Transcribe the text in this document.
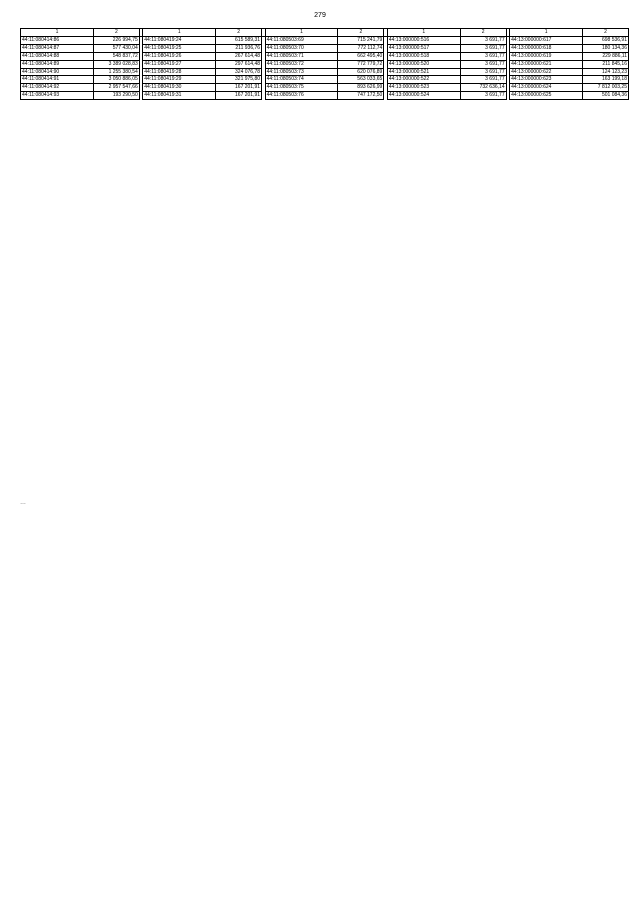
279
1	2		1	2		1	2		1	2		1	2
44:11:080414:86	226 994,75		44:11:080419:24	615 589,31		44:11:080503:69	715 241,79		44:13:000000:516	3 691,77		44:13:000000:617	698 536,91
44:11:080414:87	577 430,04		44:11:080419:25	211 936,76		44:11:080503:70	772 112,74		44:13:000000:517	3 691,77		44:13:000000:618	180 134,36
44:11:080414:88	548 837,72		44:11:080419:26	267 614,48		44:11:080503:71	662 495,40		44:13:000000:518	3 691,77		44:13:000000:619	229 886,11
44:11:080414:89	3 389 028,83		44:11:080419:27	297 614,48		44:11:080503:72	772 779,72		44:13:000000:520	3 691,77		44:13:000000:621	211 845,16
44:11:080414:90	1 255 380,54		44:11:080419:28	324 076,78		44:11:080503:73	620 076,89		44:13:000000:521	3 691,77		44:13:000000:622	124 123,23
44:11:080414:91	3 050 886,05		44:11:080419:29	321 975,80		44:11:080503:74	563 033,65		44:13:000000:522	3 691,77		44:13:000000:623	163 199,18
44:11:080414:92	2 957 547,66		44:11:080419:30	167 201,91		44:11:080503:75	893 626,99		44:13:000000:523	732 636,14		44:13:000000:624	7 812 003,25
44:11:080414:93	193 290,50		44:11:080419:31	167 201,91		44:11:080503:76	747 172,50		44:13:000000:524	3 691,77		44:13:000000:625	501 084,36
…
